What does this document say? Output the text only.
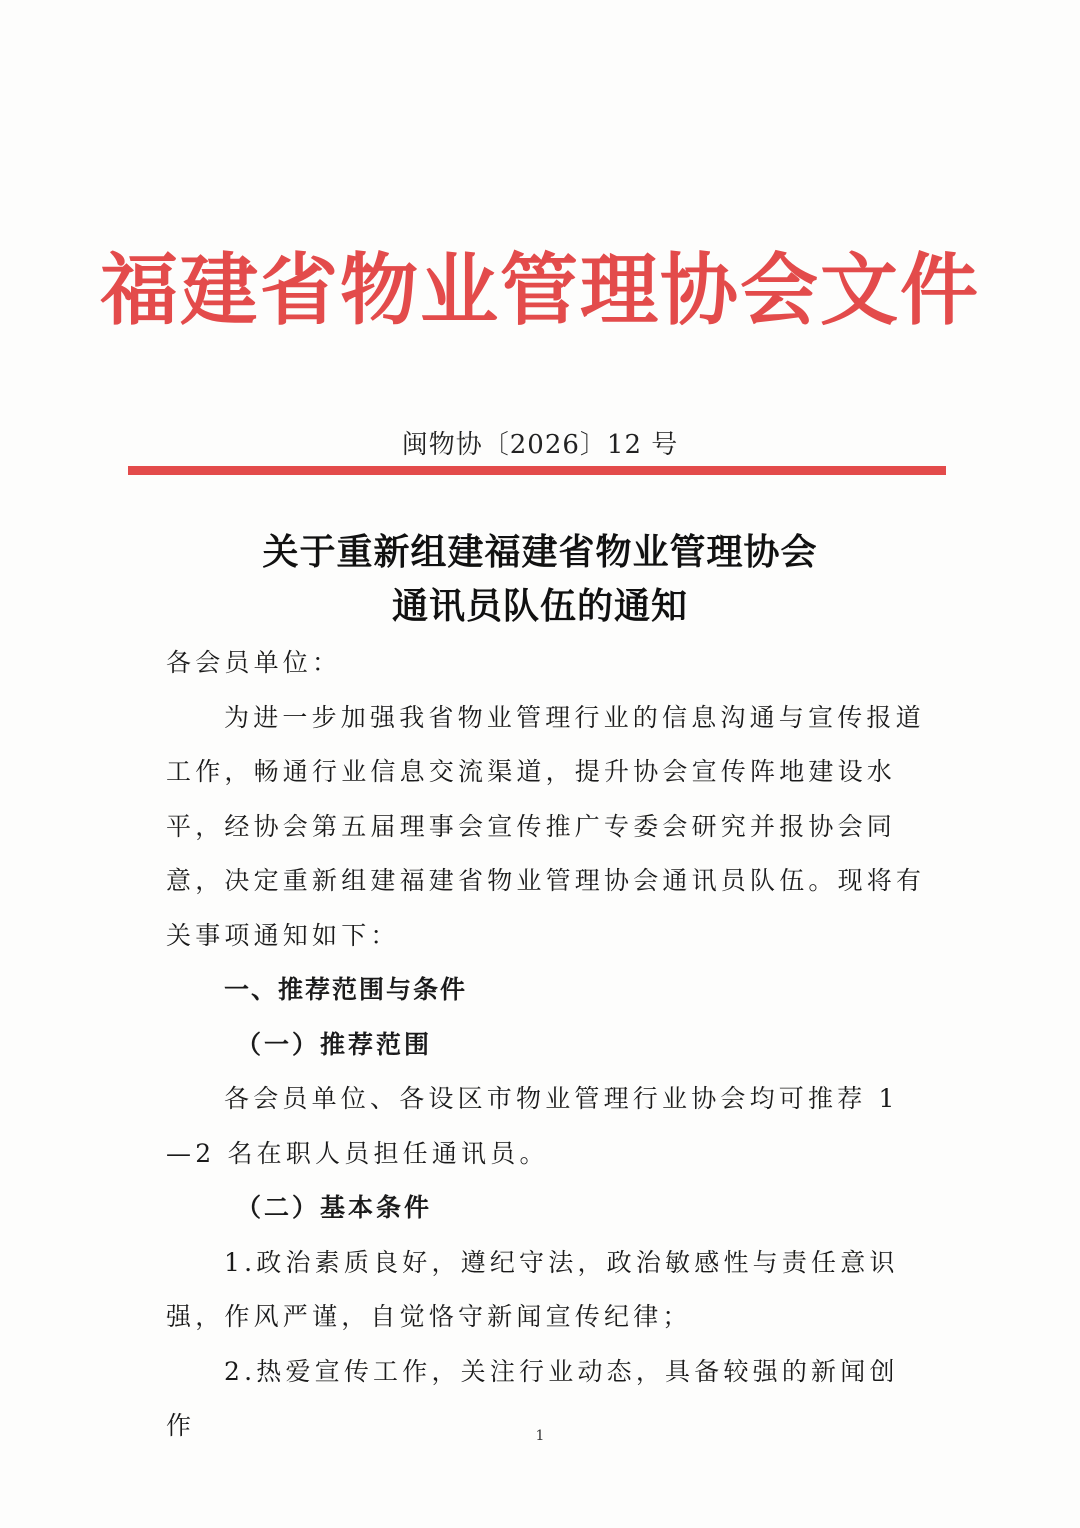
福建省物业管理协会文件
闽物协〔2026〕12 号
关于重新组建福建省物业管理协会
通讯员队伍的通知

各会员单位：

为进一步加强我省物业管理行业的信息沟通与宣传报道工作，畅通行业信息交流渠道，提升协会宣传阵地建设水平，经协会第五届理事会宣传推广专委会研究并报协会同意，决定重新组建福建省物业管理协会通讯员队伍。现将有关事项通知如下：

一、推荐范围与条件

（一）推荐范围

各会员单位、各设区市物业管理行业协会均可推荐 1—2 名在职人员担任通讯员。

（二）基本条件

1.政治素质良好，遵纪守法，政治敏感性与责任意识强，作风严谨，自觉恪守新闻宣传纪律；

2.热爱宣传工作，关注行业动态，具备较强的新闻创作	1
